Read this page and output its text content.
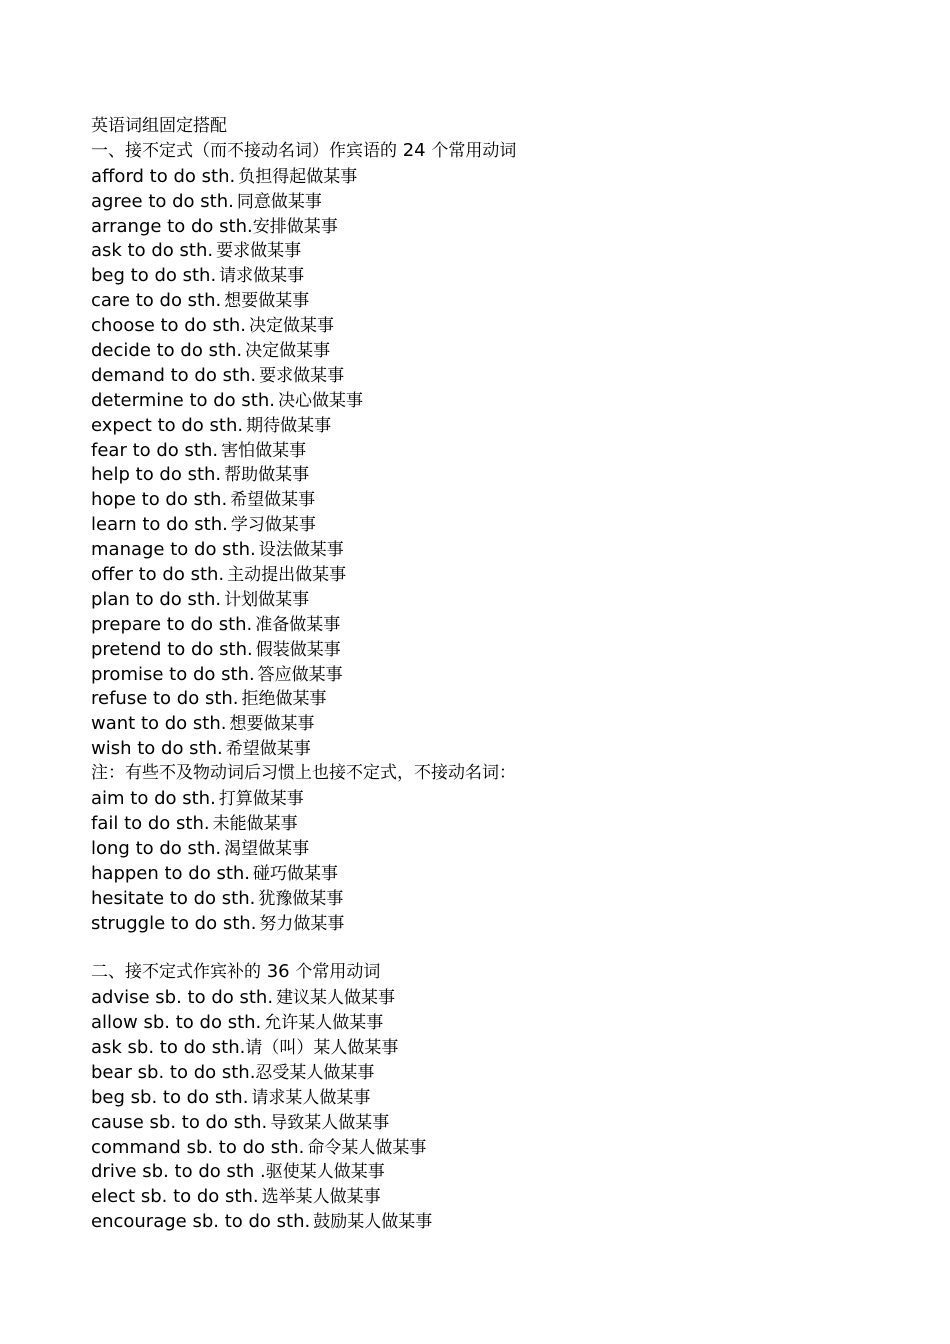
英语词组固定搭配
一、接不定式（而不接动名词）作宾语的 24 个常用动词
afford to do sth. 负担得起做某事
agree to do sth. 同意做某事
arrange to do sth.安排做某事
ask to do sth. 要求做某事
beg to do sth. 请求做某事
care to do sth. 想要做某事
choose to do sth. 决定做某事
decide to do sth. 决定做某事
demand to do sth. 要求做某事
determine to do sth. 决心做某事
expect to do sth. 期待做某事
fear to do sth. 害怕做某事
help to do sth. 帮助做某事
hope to do sth. 希望做某事
learn to do sth. 学习做某事
manage to do sth. 设法做某事
offer to do sth. 主动提出做某事
plan to do sth. 计划做某事
prepare to do sth. 准备做某事
pretend to do sth. 假装做某事
promise to do sth. 答应做某事
refuse to do sth. 拒绝做某事
want to do sth. 想要做某事
wish to do sth. 希望做某事
注：有些不及物动词后习惯上也接不定式，不接动名词：
aim to do sth. 打算做某事
fail to do sth. 未能做某事
long to do sth. 渴望做某事
happen to do sth. 碰巧做某事
hesitate to do sth. 犹豫做某事
struggle to do sth. 努力做某事
二、接不定式作宾补的 36 个常用动词
advise sb. to do sth. 建议某人做某事
allow sb. to do sth. 允许某人做某事
ask sb. to do sth.请（叫）某人做某事
bear sb. to do sth.忍受某人做某事
beg sb. to do sth. 请求某人做某事
cause sb. to do sth. 导致某人做某事
command sb. to do sth. 命令某人做某事
drive sb. to do sth .驱使某人做某事
elect sb. to do sth. 选举某人做某事
encourage sb. to do sth. 鼓励某人做某事
